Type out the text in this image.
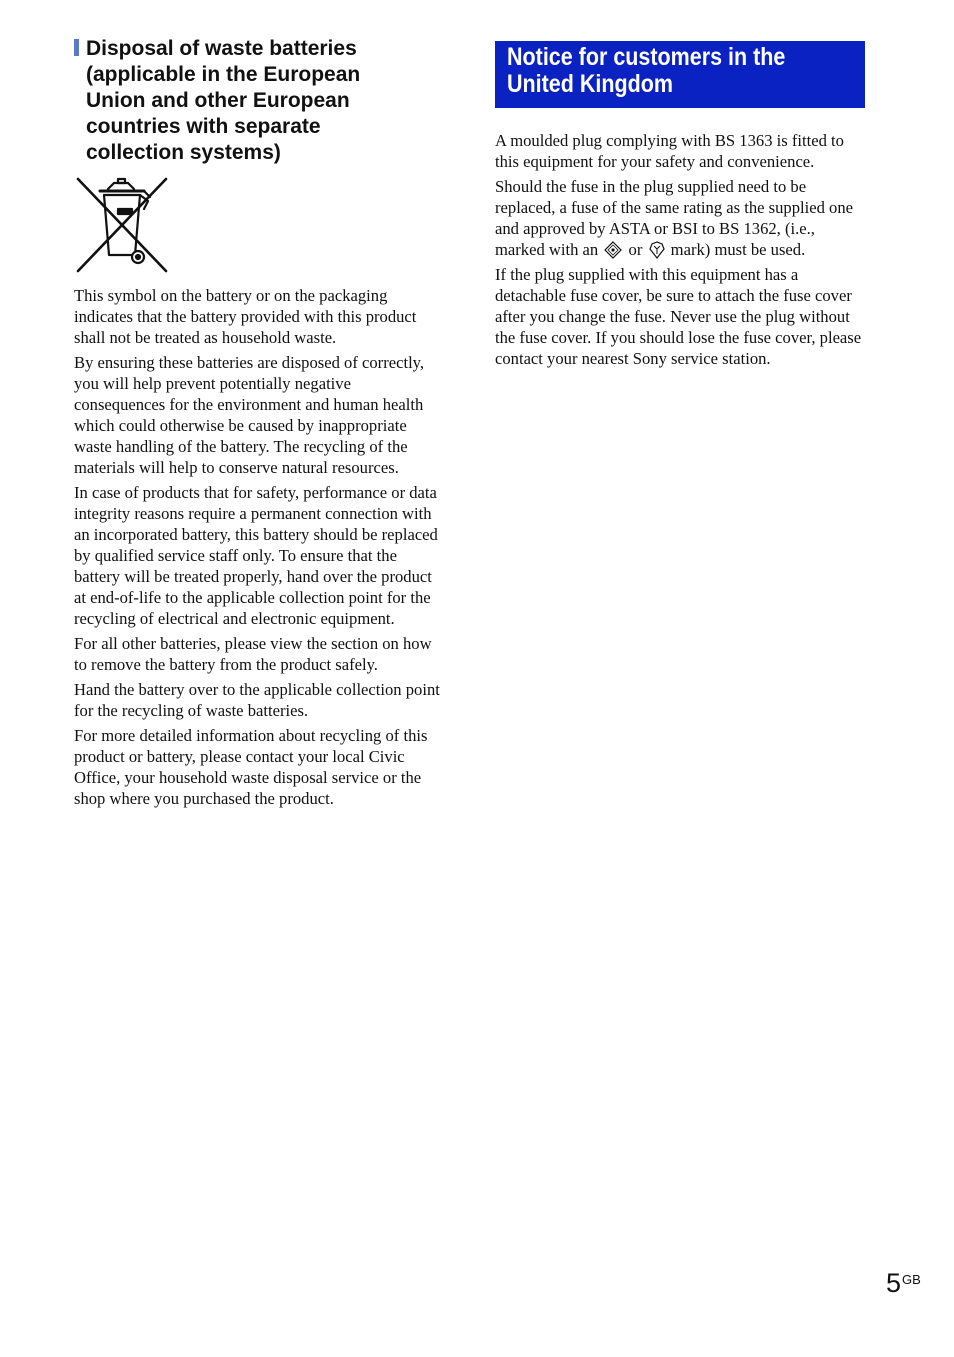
Disposal of waste batteries
(applicable in the European
Union and other European
countries with separate
collection systems)

This symbol on the battery or on the packaging indicates that the battery provided with this product shall not be treated as household waste.

By ensuring these batteries are disposed of correctly, you will help prevent potentially negative consequences for the environment and human health which could otherwise be caused by inappropriate waste handling of the battery. The recycling of the materials will help to conserve natural resources.

In case of products that for safety, performance or data integrity reasons require a permanent connection with an incorporated battery, this battery should be replaced by qualified service staff only. To ensure that the battery will be treated properly, hand over the product at end-of-life to the applicable collection point for the recycling of electrical and electronic equipment.

For all other batteries, please view the section on how to remove the battery from the product safely.

Hand the battery over to the applicable collection point for the recycling of waste batteries.

For more detailed information about recycling of this product or battery, please contact your local Civic Office, your household waste disposal service or the shop where you purchased the product.

Notice for customers in the
United Kingdom

A moulded plug complying with BS 1363 is fitted to this equipment for your safety and convenience.

Should the fuse in the plug supplied need to be replaced, a fuse of the same rating as the supplied one and approved by ASTA or BSI to BS 1362, (i.e., marked with an or mark) must be used.

If the plug supplied with this equipment has a detachable fuse cover, be sure to attach the fuse cover after you change the fuse. Never use the plug without the fuse cover. If you should lose the fuse cover, please contact your nearest Sony service station.

5 GB
